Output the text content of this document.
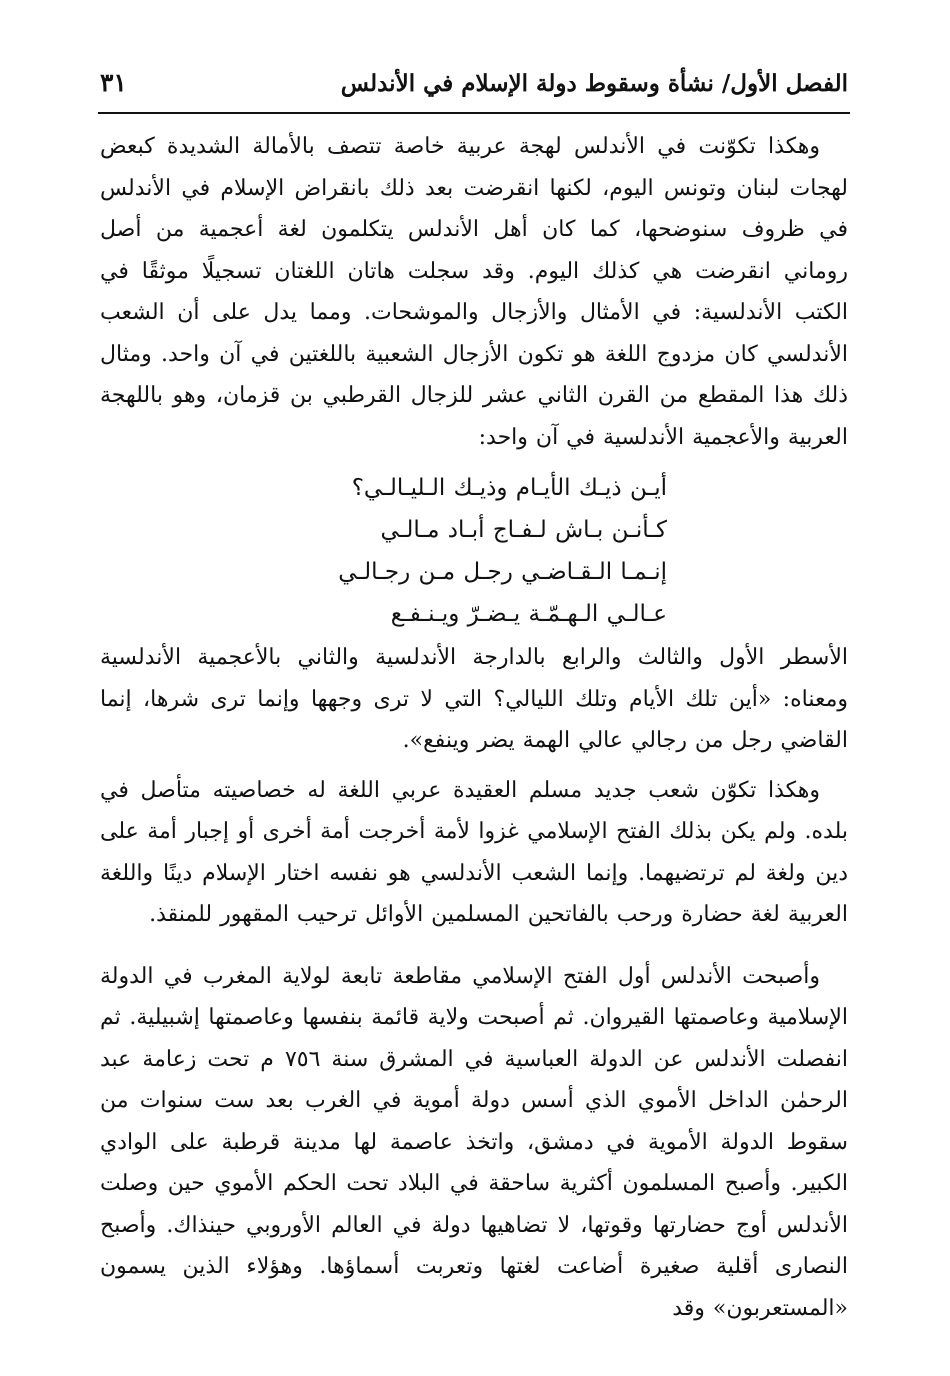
الفصل الأول/ نشأة وسقوط دولة الإسلام في الأندلس
٣١

وهكذا تكوّنت في الأندلس لهجة عربية خاصة تتصف بالأمالة الشديدة كبعض لهجات لبنان وتونس اليوم، لكنها انقرضت بعد ذلك بانقراض الإسلام في الأندلس في ظروف سنوضحها، كما كان أهل الأندلس يتكلمون لغة أعجمية من أصل روماني انقرضت هي كذلك اليوم. وقد سجلت هاتان اللغتان تسجيلًا موثقًا في الكتب الأندلسية: في الأمثال والأزجال والموشحات. ومما يدل على أن الشعب الأندلسي كان مزدوج اللغة هو تكون الأزجال الشعبية باللغتين في آن واحد. ومثال ذلك هذا المقطع من القرن الثاني عشر للزجال القرطبي بن قزمان، وهو باللهجة العربية والأعجمية الأندلسية في آن واحد:

أيـن ذيـك الأيـام وذيـك الـليـالـي؟
كـأنـن بـاش لـفـاج أبـاد مـالـي
إنـمـا الـقـاضـي رجـل مـن رجـالـي
عـالـي الـهـمّـة يـضـرّ ويـنـفـع

الأسطر الأول والثالث والرابع بالدارجة الأندلسية والثاني بالأعجمية الأندلسية ومعناه: «أين تلك الأيام وتلك الليالي؟ التي لا ترى وجهها وإنما ترى شرها، إنما القاضي رجل من رجالي عالي الهمة يضر وينفع».

وهكذا تكوّن شعب جديد مسلم العقيدة عربي اللغة له خصاصيته متأصل في بلده. ولم يكن بذلك الفتح الإسلامي غزوا لأمة أخرجت أمة أخرى أو إجبار أمة على دين ولغة لم ترتضيهما. وإنما الشعب الأندلسي هو نفسه اختار الإسلام دينًا واللغة العربية لغة حضارة ورحب بالفاتحين المسلمين الأوائل ترحيب المقهور للمنقذ.

وأصبحت الأندلس أول الفتح الإسلامي مقاطعة تابعة لولاية المغرب في الدولة الإسلامية وعاصمتها القيروان. ثم أصبحت ولاية قائمة بنفسها وعاصمتها إشبيلية. ثم انفصلت الأندلس عن الدولة العباسية في المشرق سنة ٧٥٦ م تحت زعامة عبد الرحمٰن الداخل الأموي الذي أسس دولة أموية في الغرب بعد ست سنوات من سقوط الدولة الأموية في دمشق، واتخذ عاصمة لها مدينة قرطبة على الوادي الكبير. وأصبح المسلمون أكثرية ساحقة في البلاد تحت الحكم الأموي حين وصلت الأندلس أوج حضارتها وقوتها، لا تضاهيها دولة في العالم الأوروبي حينذاك. وأصبح النصارى أقلية صغيرة أضاعت لغتها وتعربت أسماؤها. وهؤلاء الذين يسمون «المستعربون» وقد
